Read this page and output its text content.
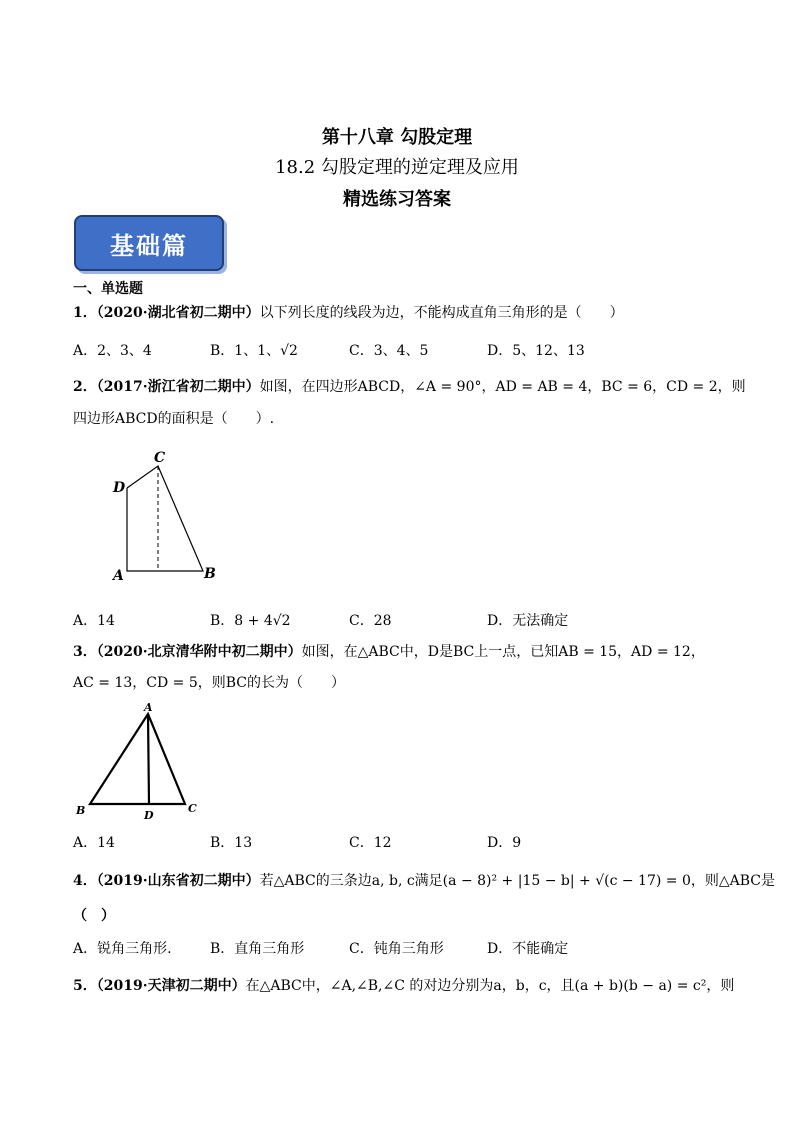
第十八章 勾股定理
18.2 勾股定理的逆定理及应用
精选练习答案
基础篇
一、单选题
1．（2020·湖北省初二期中）以下列长度的线段为边，不能构成直角三角形的是（　　）
A．2、3、4	B．1、1、√2	C．3、4、5	D．5、12、13
2．（2017·浙江省初二期中）如图，在四边形ABCD，∠A = 90°，AD = AB = 4，BC = 6，CD = 2，则
四边形ABCD的面积是（　　）.
C
D
A	B
A．14	B．8 + 4√2	C．28	D．无法确定
3．（2020·北京清华附中初二期中）如图，在△ABC中，D是BC上一点，已知AB = 15，AD = 12，
AC = 13，CD = 5，则BC的长为（　　）
A
B	D
C
A．14	B．13	C．12	D．9
4．（2019·山东省初二期中）若△ABC的三条边a, b, c满足(a − 8)² + |15 − b| + √(c − 17) = 0，则△ABC是
（　）
A．锐角三角形.	B．直角三角形	C．钝角三角形	D．不能确定
5．（2019·天津初二期中）在△ABC中，∠A,∠B,∠C 的对边分别为a，b，c，且(a + b)(b − a) = c²，则
